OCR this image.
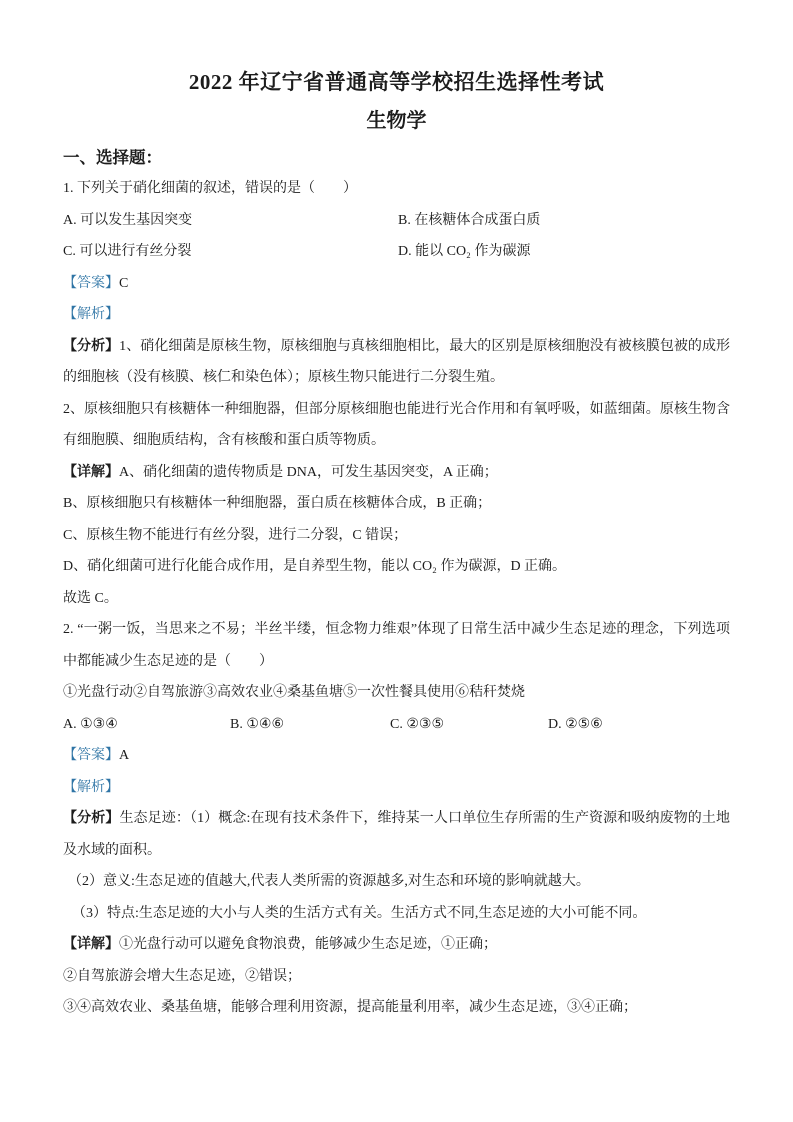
2022 年辽宁省普通高等学校招生选择性考试
生物学
一、选择题：

1. 下列关于硝化细菌的叙述，错误的是（　　）

A. 可以发生基因突变	B. 在核糖体合成蛋白质
C. 可以进行有丝分裂	D. 能以 CO₂ 作为碳源

【答案】C

【解析】

【分析】1、硝化细菌是原核生物，原核细胞与真核细胞相比，最大的区别是原核细胞没有被核膜包被的成形的细胞核（没有核膜、核仁和染色体）；原核生物只能进行二分裂生殖。

2、原核细胞只有核糖体一种细胞器，但部分原核细胞也能进行光合作用和有氧呼吸，如蓝细菌。原核生物含有细胞膜、细胞质结构，含有核酸和蛋白质等物质。

【详解】A、硝化细菌的遗传物质是 DNA，可发生基因突变，A 正确；

B、原核细胞只有核糖体一种细胞器，蛋白质在核糖体合成，B 正确；

C、原核生物不能进行有丝分裂，进行二分裂，C 错误；

D、硝化细菌可进行化能合成作用，是自养型生物，能以 CO₂ 作为碳源，D 正确。

故选 C。

2. “一粥一饭，当思来之不易；半丝半缕，恒念物力维艰”体现了日常生活中减少生态足迹的理念，下列选项中都能减少生态足迹的是（　　）

①光盘行动②自驾旅游③高效农业④桑基鱼塘⑤一次性餐具使用⑥秸秆焚烧

A. ①③④	B. ①④⑥	C. ②③⑤	D. ②⑤⑥

【答案】A

【解析】

【分析】生态足迹：（1）概念:在现有技术条件下，维持某一人口单位生存所需的生产资源和吸纳废物的土地及水域的面积。

（2）意义:生态足迹的值越大,代表人类所需的资源越多,对生态和环境的影响就越大。

（3）特点:生态足迹的大小与人类的生活方式有关。生活方式不同,生态足迹的大小可能不同。

【详解】①光盘行动可以避免食物浪费，能够减少生态足迹，①正确；

②自驾旅游会增大生态足迹，②错误；

③④高效农业、桑基鱼塘，能够合理利用资源，提高能量利用率，减少生态足迹，③④正确；
